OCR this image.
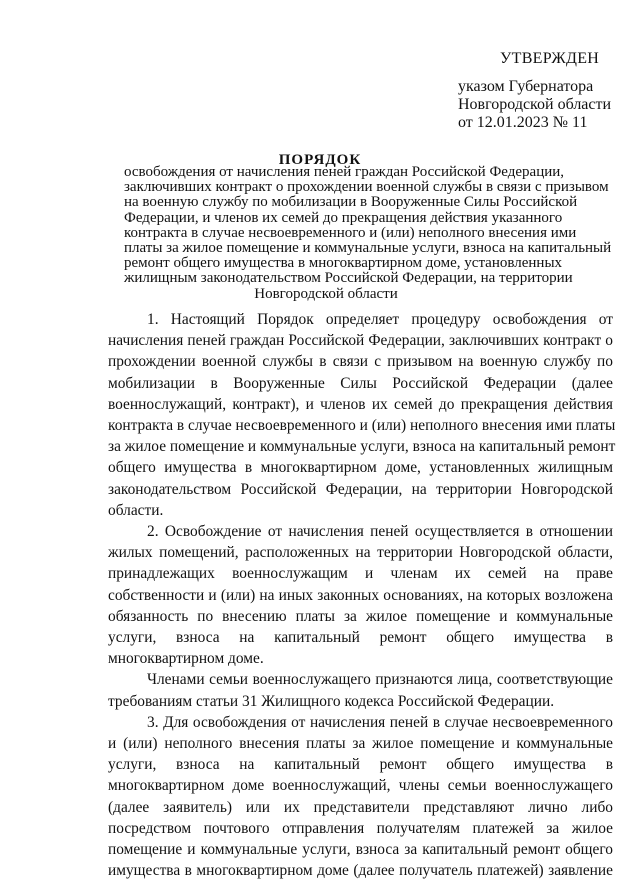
УТВЕРЖДЕН
указом Губернатора
Новгородской области
от 12.01.2023 № 11
ПОРЯДОК
освобождения от начисления пеней граждан Российской Федерации,
заключивших контракт о прохождении военной службы в связи с призывом
на военную службу по мобилизации в Вооруженные Силы Российской
Федерации, и членов их семей до прекращения действия указанного
контракта в случае несвоевременного и (или) неполного внесения ими
платы за жилое помещение и коммунальные услуги, взноса на капитальный
ремонт общего имущества в многоквартирном доме, установленных
жилищным законодательством Российской Федерации, на территории
Новгородской области
1. Настоящий Порядок определяет процедуру освобождения от
начисления пеней граждан Российской Федерации, заключивших контракт о
прохождении военной службы в связи с призывом на военную службу по
мобилизации в Вооруженные Силы Российской Федерации (далее
военнослужащий, контракт), и членов их семей до прекращения действия
контракта в случае несвоевременного и (или) неполного внесения ими платы
за жилое помещение и коммунальные услуги, взноса на капитальный ремонт
общего имущества в многоквартирном доме, установленных жилищным
законодательством Российской Федерации, на территории Новгородской
области.
2. Освобождение от начисления пеней осуществляется в отношении
жилых помещений, расположенных на территории Новгородской области,
принадлежащих военнослужащим и членам их семей на праве
собственности и (или) на иных законных основаниях, на которых возложена
обязанность по внесению платы за жилое помещение и коммунальные
услуги, взноса на капитальный ремонт общего имущества в
многоквартирном доме.
Членами семьи военнослужащего признаются лица, соответствующие
требованиям статьи 31 Жилищного кодекса Российской Федерации.
3. Для освобождения от начисления пеней в случае несвоевременного
и (или) неполного внесения платы за жилое помещение и коммунальные
услуги, взноса на капитальный ремонт общего имущества в
многоквартирном доме военнослужащий, члены семьи военнослужащего
(далее заявитель) или их представители представляют лично либо
посредством почтового отправления получателям платежей за жилое
помещение и коммунальные услуги, взноса за капитальный ремонт общего
имущества в многоквартирном доме (далее получатель платежей) заявление
